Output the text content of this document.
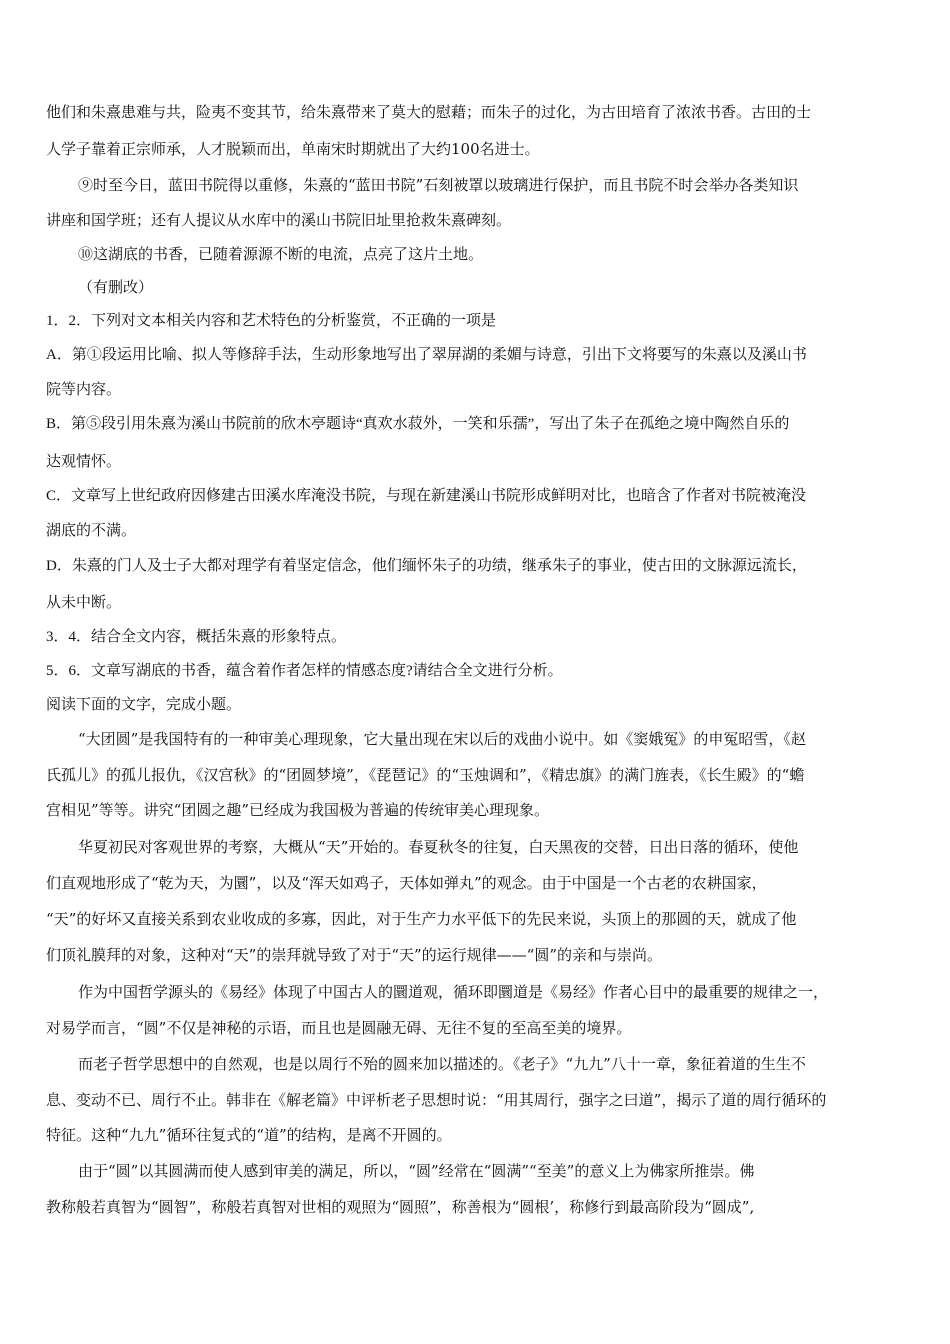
他们和朱熹患难与共，险夷不变其节，给朱熹带来了莫大的慰藉；而朱子的过化，为古田培育了浓浓书香。古田的士
人学子靠着正宗师承，人才脱颖而出，单南宋时期就出了大约100名进士。
⑨时至今日，蓝田书院得以重修，朱熹的“蓝田书院”石刻被罩以玻璃进行保护，而且书院不时会举办各类知识
讲座和国学班；还有人提议从水库中的溪山书院旧址里抢救朱熹碑刻。
⑩这湖底的书香，已随着源源不断的电流，点亮了这片土地。
（有删改）
1．2．下列对文本相关内容和艺术特色的分析鉴赏，不正确的一项是
A．第①段运用比喻、拟人等修辞手法，生动形象地写出了翠屏湖的柔媚与诗意，引出下文将要写的朱熹以及溪山书
院等内容。
B．第⑤段引用朱熹为溪山书院前的欣木亭题诗“真欢水菽外，一笑和乐孺”，写出了朱子在孤绝之境中陶然自乐的
达观情怀。
C．文章写上世纪政府因修建古田溪水库淹没书院，与现在新建溪山书院形成鲜明对比，也暗含了作者对书院被淹没
湖底的不满。
D．朱熹的门人及士子大都对理学有着坚定信念，他们缅怀朱子的功绩，继承朱子的事业，使古田的文脉源远流长，
从未中断。
3．4．结合全文内容，概括朱熹的形象特点。
5．6．文章写湖底的书香，蕴含着作者怎样的情感态度?请结合全文进行分析。
阅读下面的文字，完成小题。
“大团圆”是我国特有的一种审美心理现象，它大量出现在宋以后的戏曲小说中。如《窦娥冤》的申冤昭雪，《赵
氏孤儿》的孤儿报仇，《汉宫秋》的“团圆梦境”，《琵琶记》的“玉烛调和”，《精忠旗》的满门旌表，《长生殿》的“蟾
宫相见”等等。讲究“团圆之趣”已经成为我国极为普遍的传统审美心理现象。
华夏初民对客观世界的考察，大概从“天”开始的。春夏秋冬的往复，白天黑夜的交替，日出日落的循环，使他
们直观地形成了“乾为天，为圜”，以及“浑天如鸡子，天体如弹丸”的观念。由于中国是一个古老的农耕国家，
“天”的好坏又直接关系到农业收成的多寡，因此，对于生产力水平低下的先民来说，头顶上的那圆的天，就成了他
们顶礼膜拜的对象，这种对“天”的崇拜就导致了对于“天”的运行规律——“圆”的亲和与崇尚。
作为中国哲学源头的《易经》体现了中国古人的圜道观，循环即圜道是《易经》作者心目中的最重要的规律之一，
对易学而言，“圆”不仅是神秘的示语，而且也是圆融无碍、无往不复的至高至美的境界。
而老子哲学思想中的自然观，也是以周行不殆的圆来加以描述的。《老子》“九九”八十一章，象征着道的生生不
息、变动不已、周行不止。韩非在《解老篇》中评析老子思想时说：“用其周行，强字之曰道”，揭示了道的周行循环的
特征。这种“九九”循环往复式的“道”的结构，是离不开圆的。
由于“圆”以其圆满而使人感到审美的满足，所以，“圆”经常在“圆满”“至美”的意义上为佛家所推崇。佛
教称般若真智为“圆智”，称般若真智对世相的观照为“圆照”，称善根为“圆根’，称修行到最高阶段为“圆成”,
